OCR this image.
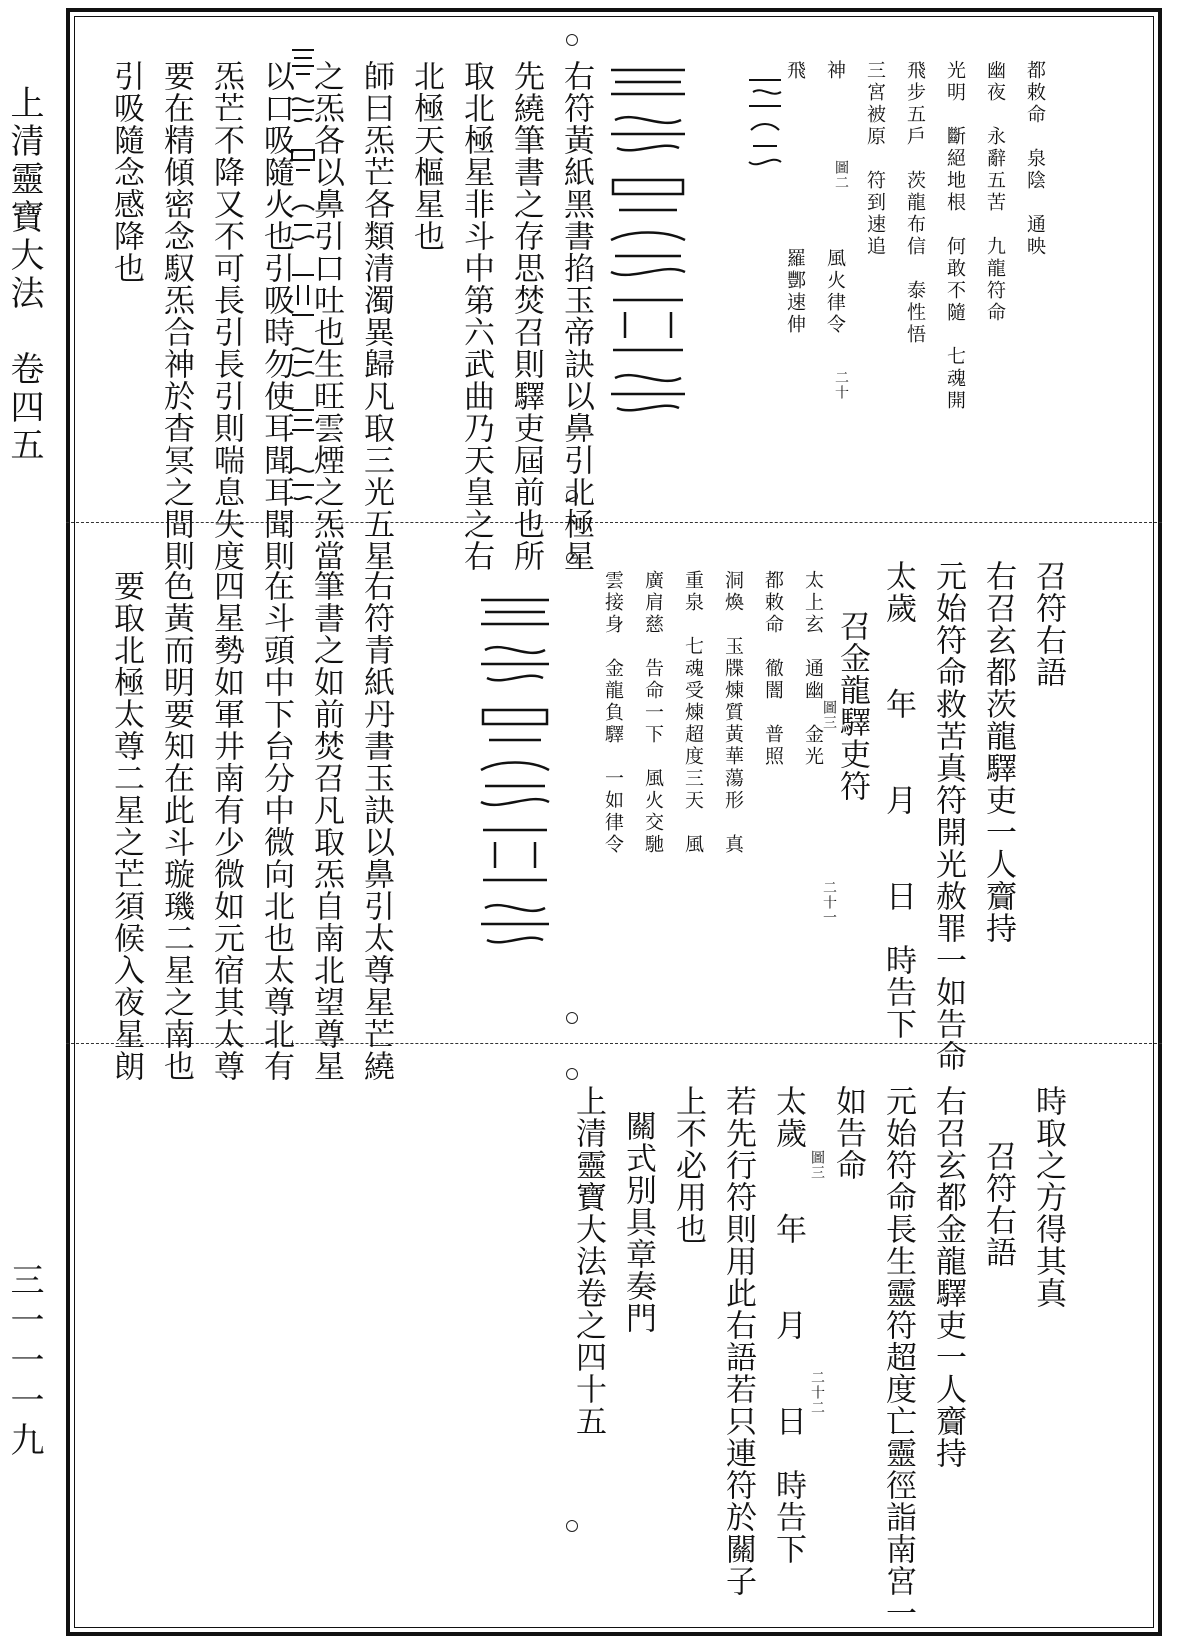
上清靈寶大法　卷四五
三一一一九
都敕命　泉陰　通映
幽夜　永辭五苦　九龍符命
光明　斷絕地根　何敢不隨　七魂開
飛步五戶　茨龍布信　泰性悟
三宮被原　符到速追
神
飛
風火律令
羅酆速伸
圖二
二十
右符黃紙黑書掐玉帝訣以鼻引北極星
先繞筆書之存思焚召則驛吏屆前也所
取北極星非斗中第六武曲乃天皇之右
北極天樞星也
師曰炁芒各類清濁異歸凡取三光五星
之炁各以鼻引口吐也生旺雲煙之炁當
以口吸隨火也引吸時勿使耳聞耳聞則
炁芒不降又不可長引長引則喘息失度
要在精傾密念馭炁合神於杳冥之間則
引吸隨念感降也
召符右語
右召玄都茨龍驛吏一人齎持
元始符命救苦真符開光赦罪一如告命
太歲　　年　　月　　日　時告下
召金龍驛吏符
太上玄　通幽　金光
都敕命　徹闇　普照
洞煥　玉牒煉質黃華蕩形　真
重泉　七魂受煉超度三天　風
廣肩慈　告命一下　風火交馳
雲接身　金龍負驛　一如律令	圖三
二十一
右符青紙丹書玉訣以鼻引太尊星芒繞
筆書之如前焚召凡取炁自南北望尊星
在斗頭中下台分中微向北也太尊北有
四星勢如軍井南有少微如元宿其太尊
色黃而明要知在此斗璇璣二星之南也
要取北極太尊二星之芒須候入夜星朗
時取之方得其真
召符右語
右召玄都金龍驛吏一人齎持
元始符命長生靈符超度亡靈徑詣南宮一
如告命
圖三
二十二
太歲　　年　　月　　日　時告下
若先行符則用此右語若只連符於關子
上不必用也
關式別具章奏門
上清靈寶大法卷之四十五
